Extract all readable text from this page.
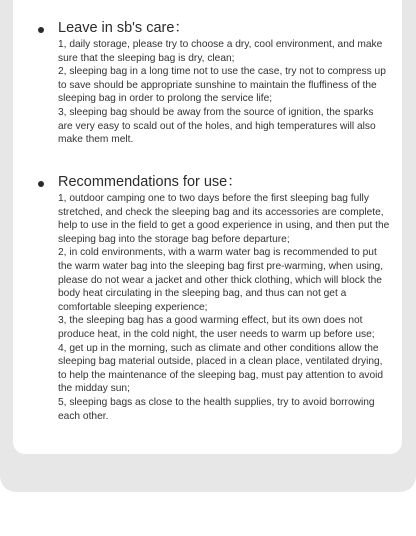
Leave in sb's care：

1, daily storage, please try to choose a dry, cool environment, and make sure that the sleeping bag is dry, clean;

2, sleeping bag in a long time not to use the case, try not to compress up to save should be appropriate sunshine to maintain the fluffiness of the sleeping bag in order to prolong the service life;

3, sleeping bag should be away from the source of ignition, the sparks are very easy to scald out of the holes, and high temperatures will also make them melt.

Recommendations for use：

1, outdoor camping one to two days before the first sleeping bag fully stretched, and check the sleeping bag and its accessories are complete, help to use in the field to get a good experience in using, and then put the sleeping bag into the storage bag before departure;

2, in cold environments, with a warm water bag is recommended to put the warm water bag into the sleeping bag first pre-warming, when using, please do not wear a jacket and other thick clothing, which will block the body heat circulating in the sleeping bag, and thus can not get a comfortable sleeping experience;

3, the sleeping bag has a good warming effect, but its own does not produce heat, in the cold night, the user needs to warm up before use;

4, get up in the morning, such as climate and other conditions allow the sleeping bag material outside, placed in a clean place, ventilated drying, to help the maintenance of the sleeping bag, must pay attention to avoid the midday sun;

5, sleeping bags as close to the health supplies, try to avoid borrowing each other.
